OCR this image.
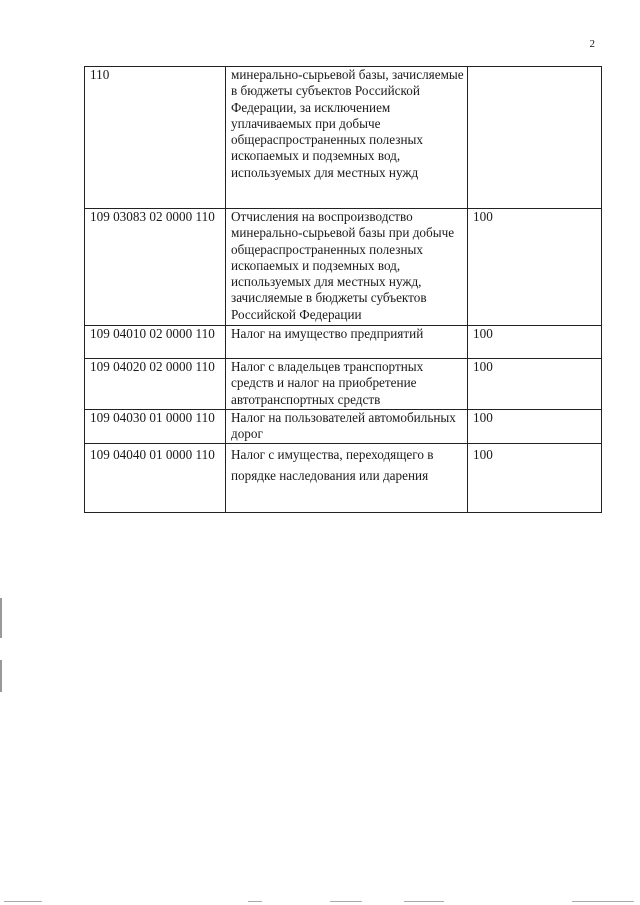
2
110	минерально-сырьевой базы, зачисляемые в бюджеты субъектов Российской Федерации, за исключением уплачиваемых при добыче общераспространенных полезных ископаемых и подземных вод, используемых для местных нужд	
109 03083 02 0000 110	Отчисления на воспроизводство минерально-сырьевой базы при добыче общераспространенных полезных ископаемых и подземных вод, используемых для местных нужд, зачисляемые в бюджеты субъектов Российской Федерации	100
109 04010 02 0000 110	Налог на имущество предприятий	100
109 04020 02 0000 110	Налог с владельцев транспортных средств и налог на приобретение автотранспортных средств	100
109 04030 01 0000 110	Налог на пользователей автомобильных дорог	100
109 04040 01 0000 110	Налог с имущества, переходящего в порядке наследования или дарения	100
